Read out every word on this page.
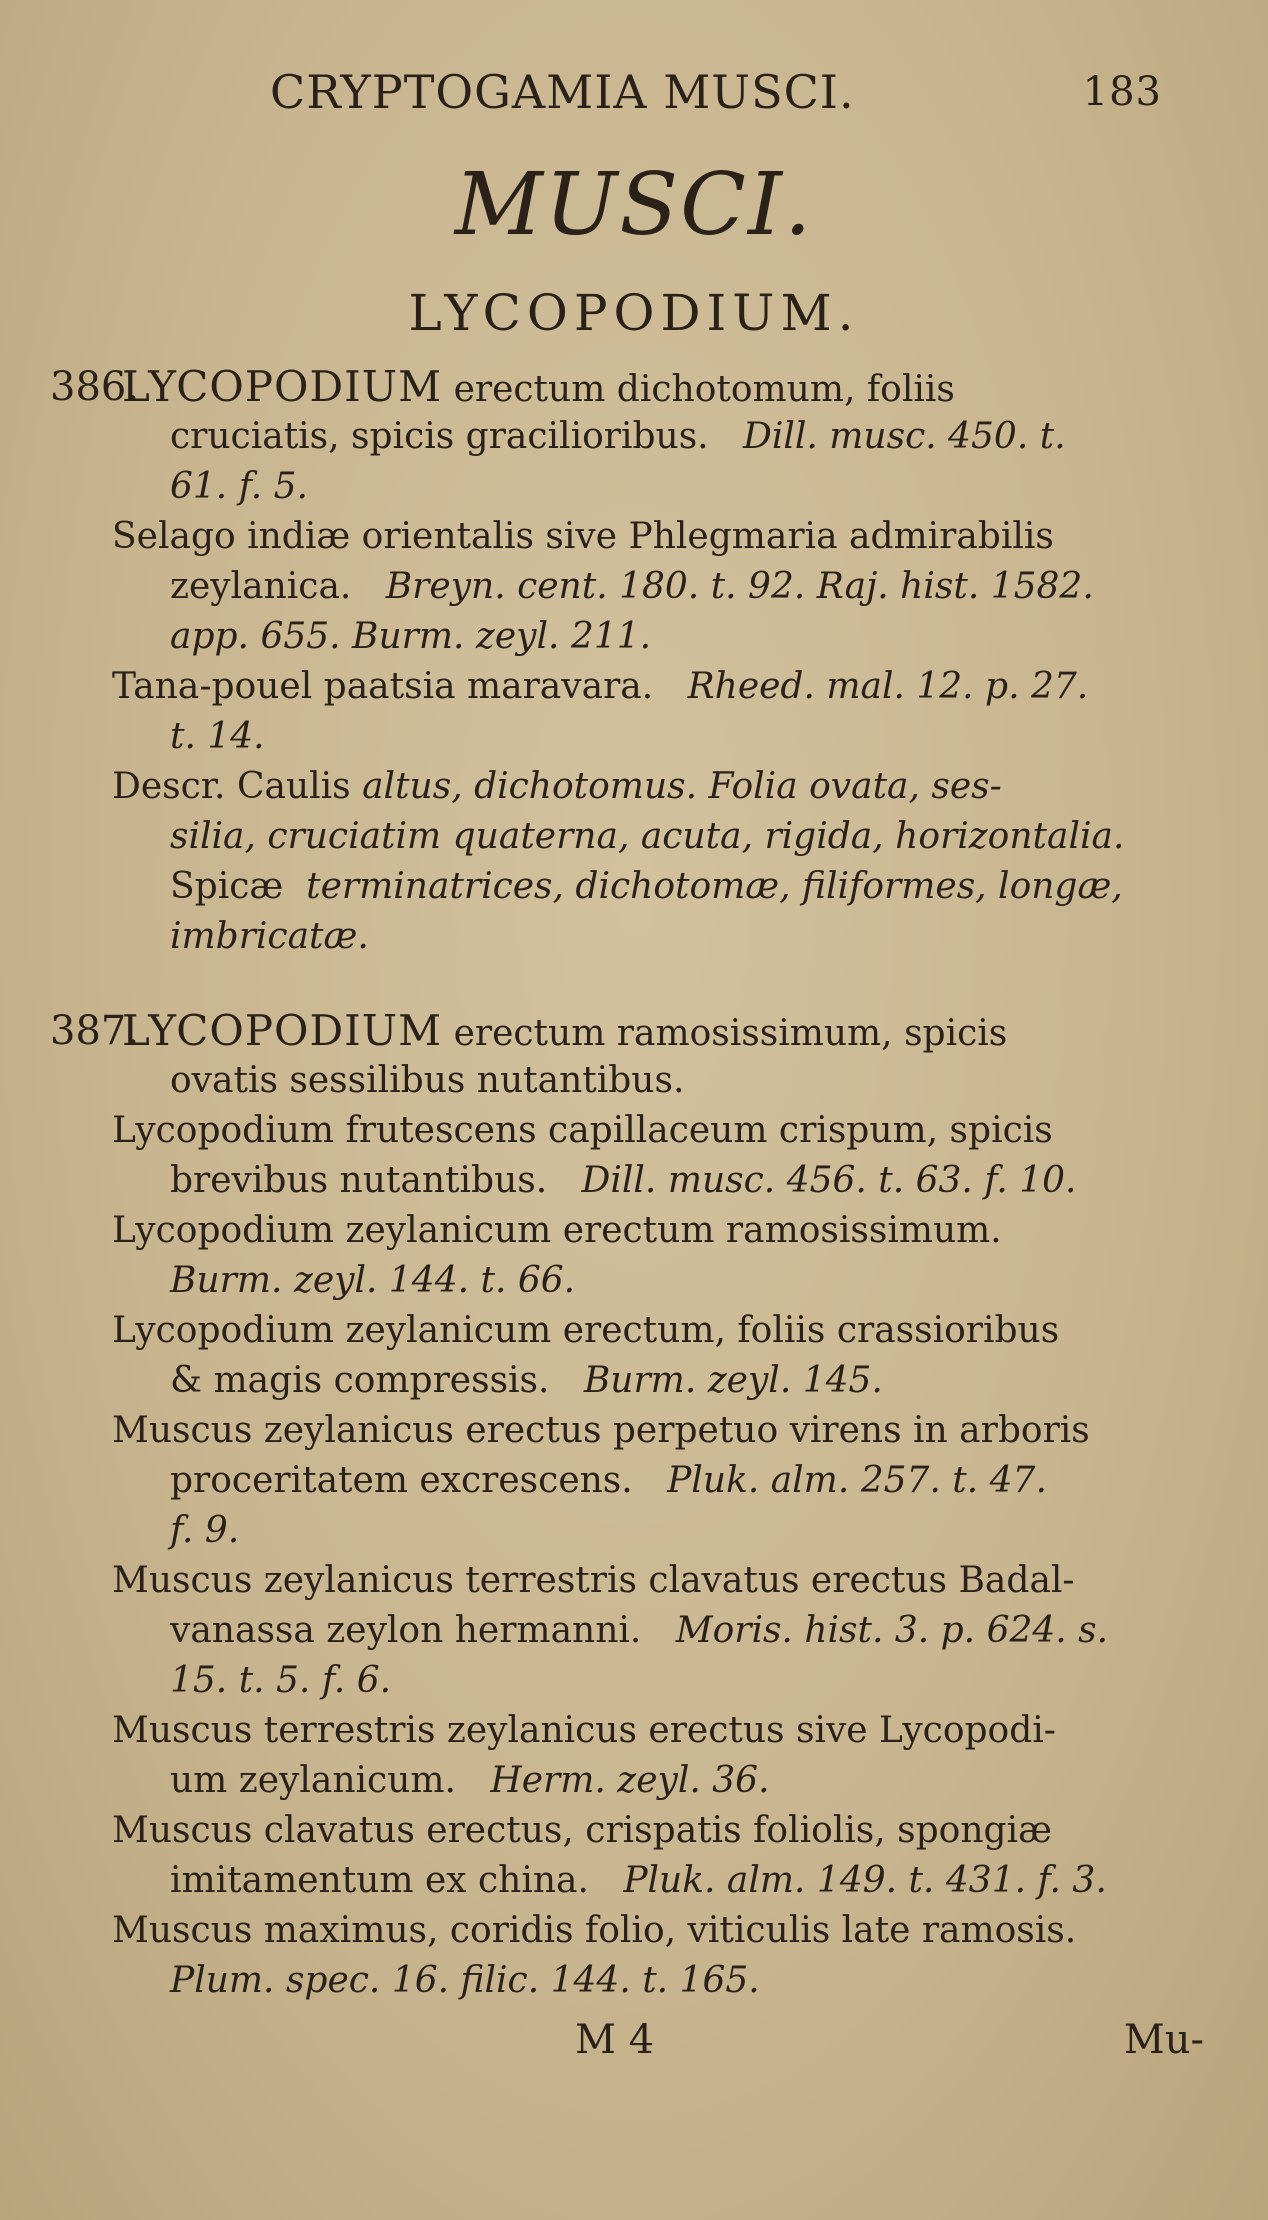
CRYPTOGAMIA MUSCI.	183
MUSCI.
LYCOPODIUM.
386.
LYCOPODIUM erectum dichotomum, foliis
cruciatis, spicis gracilioribus. Dill. musc. 450. t.
61. f. 5.
Selago indiæ orientalis sive Phlegmaria admirabilis
zeylanica. Breyn. cent. 180. t. 92. Raj. hist. 1582.
app. 655. Burm. zeyl. 211.
Tana-pouel paatsia maravara. Rheed. mal. 12. p. 27.
t. 14.
Descr. Caulis altus, dichotomus. Folia ovata, ses-
silia, cruciatim quaterna, acuta, rigida, horizontalia.
Spicæ terminatrices, dichotomæ, filiformes, longæ,
imbricatæ.
387.
LYCOPODIUM erectum ramosissimum, spicis
ovatis sessilibus nutantibus.
Lycopodium frutescens capillaceum crispum, spicis
brevibus nutantibus. Dill. musc. 456. t. 63. f. 10.
Lycopodium zeylanicum erectum ramosissimum.
Burm. zeyl. 144. t. 66.
Lycopodium zeylanicum erectum, foliis crassioribus
& magis compressis. Burm. zeyl. 145.
Muscus zeylanicus erectus perpetuo virens in arboris
proceritatem excrescens. Pluk. alm. 257. t. 47.
f. 9.
Muscus zeylanicus terrestris clavatus erectus Badal-
vanassa zeylon hermanni. Moris. hist. 3. p. 624. s.
15. t. 5. f. 6.
Muscus terrestris zeylanicus erectus sive Lycopodi-
um zeylanicum. Herm. zeyl. 36.
Muscus clavatus erectus, crispatis foliolis, spongiæ
imitamentum ex china. Pluk. alm. 149. t. 431. f. 3.
Muscus maximus, coridis folio, viticulis late ramosis.
Plum. spec. 16. filic. 144. t. 165.
M 4	Mu-
